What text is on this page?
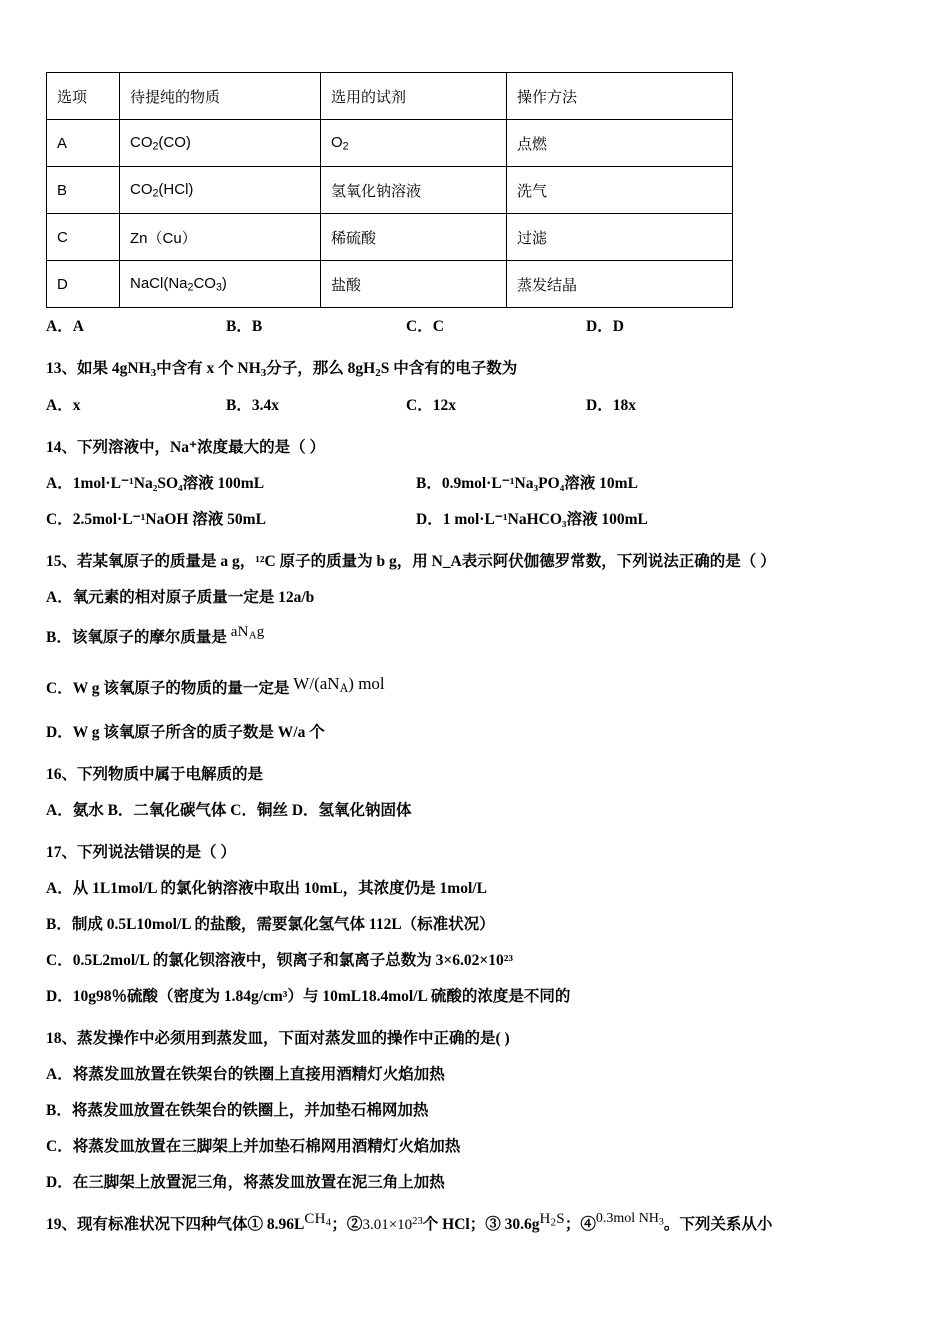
选项	待提纯的物质	选用的试剂	操作方法
A	$CO_2(CO)$	$O_2$	点燃
B	$CO_2(HCl)$	氢氧化钠溶液	洗气
C	Zn（Cu）	稀硫酸	过滤
D	$NaCl(Na_2CO_3)$	盐酸	蒸发结晶
A．A	B．B	C．C	D．D
13、如果 4gNH$_3$中含有 x 个 $NH_3$分子，那么 $8gH_2S$ 中含有的电子数为
A．x	B．3.4x	C．12x	D．18x
14、下列溶液中，Na⁺浓度最大的是（ ）
A．1mol·L⁻¹Na₂SO₄溶液 100mL	B．0.9mol·L⁻¹Na₃PO₄溶液 10mL
C．2.5mol·L⁻¹NaOH 溶液 50mL	D．1 mol·L⁻¹NaHCO₃溶液 100mL
15、若某氧原子的质量是 a g，¹²C 原子的质量为 b g，用 N_A表示阿伏伽德罗常数，下列说法正确的是（ ）
A．氧元素的相对原子质量一定是 12a/b
B．该氧原子的摩尔质量是 $aN_Ag$
C．W g 该氧原子的物质的量一定是 $W/(aN_A)$ mol
D．W g 该氧原子所含的质子数是 W/a 个
16、下列物质中属于电解质的是
A．氨水 B．二氧化碳气体 C．铜丝 D．氢氧化钠固体
17、下列说法错误的是（ ）
A．从 1L1mol/L 的氯化钠溶液中取出 10mL，其浓度仍是 1mol/L
B．制成 0.5L10mol/L 的盐酸，需要氯化氢气体 112L（标准状况）
C．0.5L2mol/L 的氯化钡溶液中，钡离子和氯离子总数为 3×6.02×10²³
D．10g98％硫酸（密度为 1.84g/cm³）与 10mL18.4mol/L 硫酸的浓度是不同的
18、蒸发操作中必须用到蒸发皿，下面对蒸发皿的操作中正确的是( )
A．将蒸发皿放置在铁架台的铁圈上直接用酒精灯火焰加热
B．将蒸发皿放置在铁架台的铁圈上，并加垫石棉网加热
C．将蒸发皿放置在三脚架上并加垫石棉网用酒精灯火焰加热
D．在三脚架上放置泥三角，将蒸发皿放置在泥三角上加热
19、现有标准状况下四种气体① $8.96LCH_4$；$②3.01\times 10^{23}$个 HCl；③ $30.6gH_2S$；④0.3mol $NH_3$。下列关系从小
